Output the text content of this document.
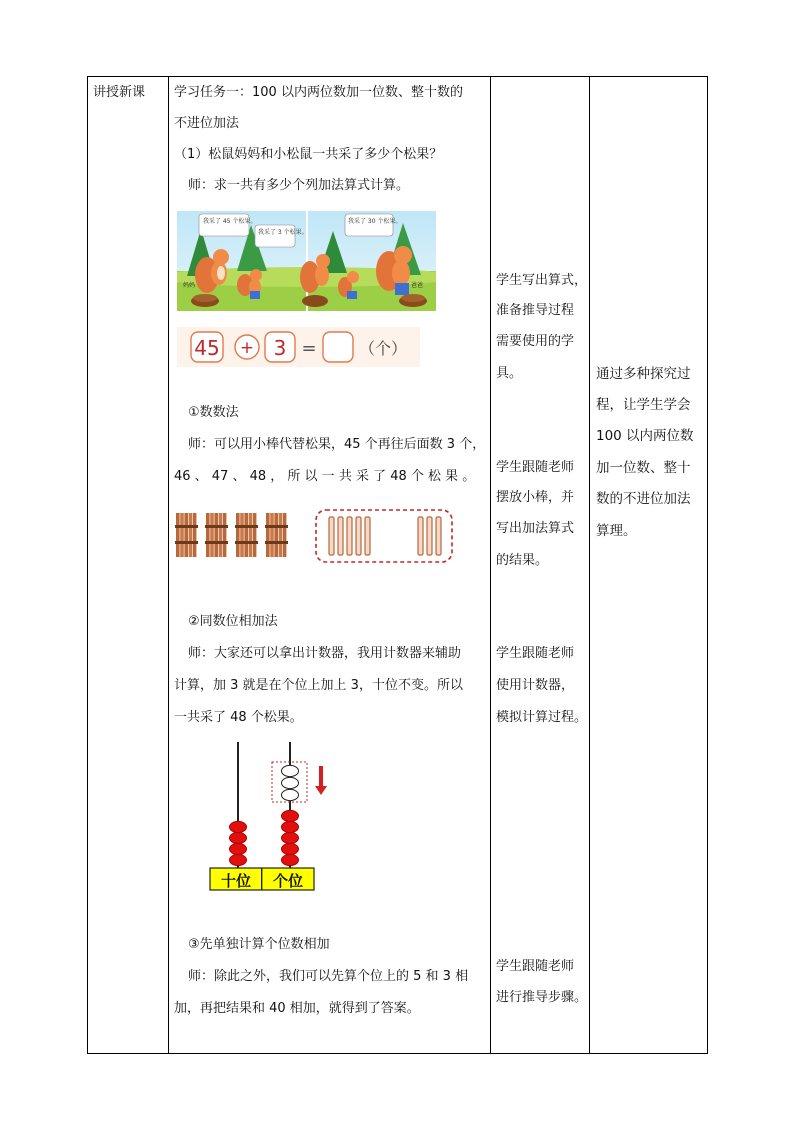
讲授新课 学习任务一：100 以内两位数加一位数、整十数的
不进位加法
（1）松鼠妈妈和小松鼠一共采了多少个松果？
师：求一共有多少个列加法算式计算。
我采了 45 个松果。
我采了 3 个松果。
我采了 30 个松果。
妈妈	爸爸
45 + 3 =	（个）
①数数法
师：可以用小棒代替松果，45 个再往后面数 3 个，
46 、 47 、 48 ， 所 以 一 共 采 了 48 个 松 果 。
②同数位相加法
师：大家还可以拿出计数器，我用计数器来辅助
计算，加 3 就是在个位上加上 3，十位不变。所以
一共采了 48 个松果。
十位 个位
③先单独计算个位数相加
师：除此之外，我们可以先算个位上的 5 和 3 相
加，再把结果和 40 相加，就得到了答案。
学生写出算式，
准备推导过程
需要使用的学
具。
学生跟随老师
摆放小棒，并
写出加法算式
的结果。
学生跟随老师
使用计数器，
模拟计算过程。
学生跟随老师
进行推导步骤。
通过多种探究过
程，让学生学会
100 以内两位数
加一位数、整十
数的不进位加法
算理。
